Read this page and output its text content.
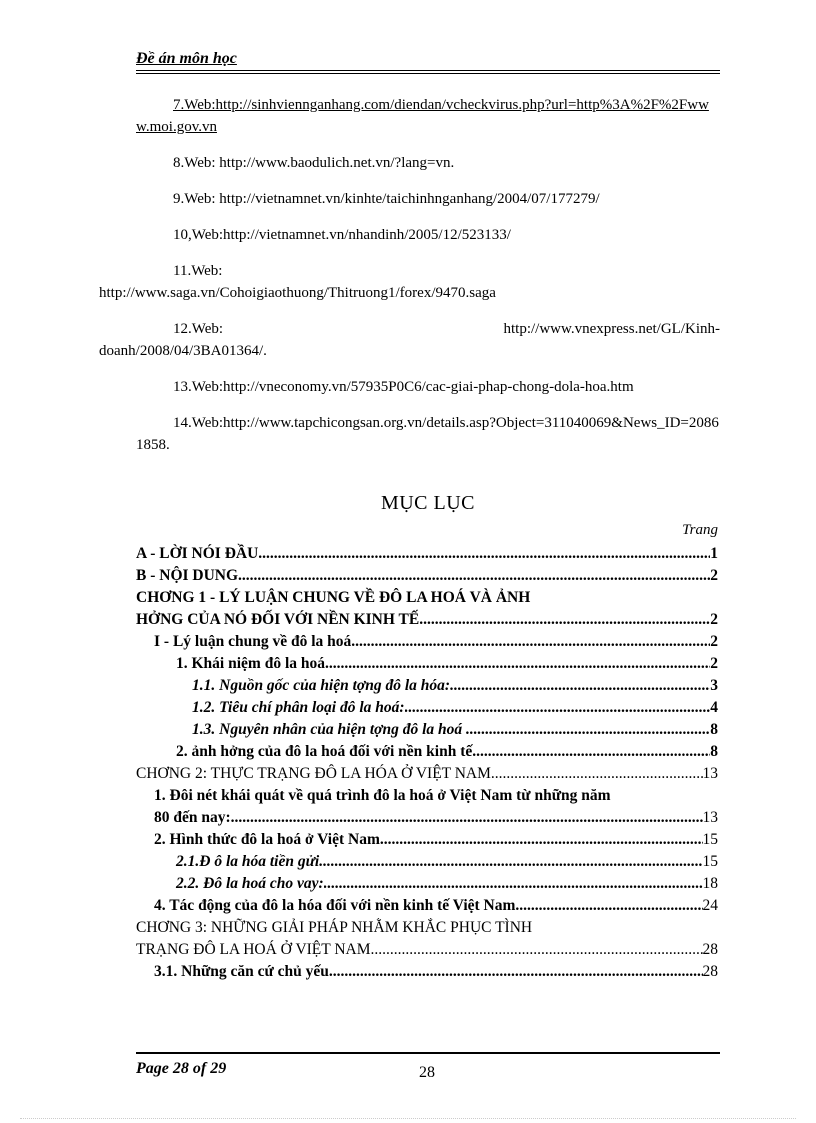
Đề án môn học

7.Web:http://sinhviennganhang.com/diendan/vcheckvirus.php?url=http%3A%2F%2Fwww.moi.gov.vn

8.Web: http://www.baodulich.net.vn/?lang=vn.

9.Web: http://vietnamnet.vn/kinhte/taichinhnganhang/2004/07/177279/

10,Web:http://vietnamnet.vn/nhandinh/2005/12/523133/

11.Web:
http://www.saga.vn/Cohoigiaothuong/Thitruong1/forex/9470.saga

12.Web:	http://www.vnexpress.net/GL/Kinh-
doanh/2008/04/3BA01364/.

13.Web:http://vneconomy.vn/57935P0C6/cac-giai-phap-chong-dola-hoa.htm

14.Web:http://www.tapchicongsan.org.vn/details.asp?Object=311040069&News_ID=20861858.

MỤC LỤC
Trang
A - LỜI NÓI ĐẦU .....	1
B - NỘI DUNG .....	2
CHƠNG 1 - LÝ LUẬN CHUNG VỀ ĐÔ LA HOÁ VÀ ẢNH
HỞNG CỦA NÓ ĐỐI VỚI NỀN KINH TẾ .....	2
I - Lý luận chung về đô la hoá .....	2
1. Khái niệm đô la hoá. .....	2
1.1. Nguồn gốc của hiện tợng đô la hóa: .....	3
1.2. Tiêu chí phân loại đô la hoá: .....	4
1.3. Nguyên nhân của hiện tợng đô la hoá . .....	8
2. ảnh hởng của đô la hoá đối với nền kinh tế. .....	8
CHƠNG 2: THỰC TRẠNG ĐÔ LA HÓA Ở VIỆT NAM .....	13
1. Đôi nét khái quát về quá trình đô la hoá ở Việt Nam từ những năm
80 đến nay: .....	13
2. Hình thức đô la hoá ở Việt Nam. .....	15
2.1.Đ ô la hóa tiền gửi. .....	15
2.2. Đô la hoá cho vay: .....	18
4. Tác động của đô la hóa đối với nền kinh tế Việt Nam. .....	24
CHƠNG 3: NHỮNG GIẢI PHÁP NHẰM KHẮC PHỤC TÌNH
TRẠNG ĐÔ LA HOÁ Ở VIỆT NAM .....	28
3.1. Những căn cứ chủ yếu. .....	28
Page 28 of 29	28
